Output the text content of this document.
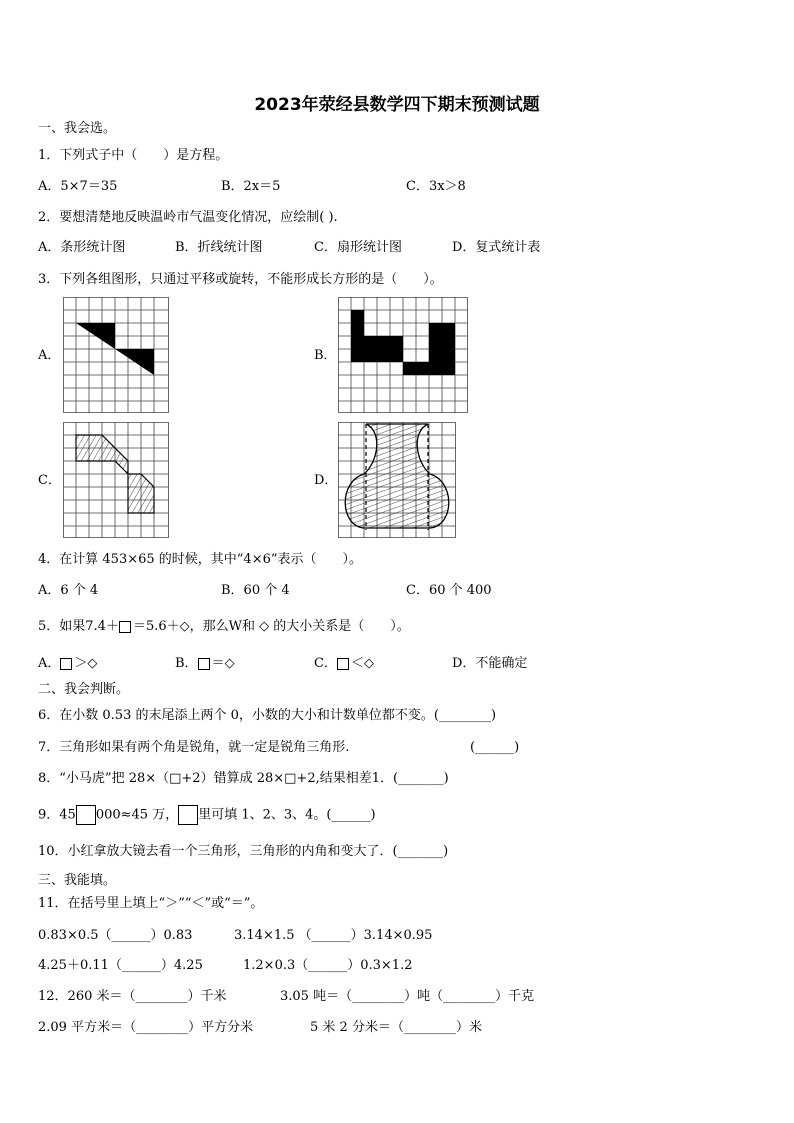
2023年荥经县数学四下期末预测试题
一、我会选。
1．下列式子中（　　）是方程。
A．5×7＝35	B．2x＝5	C．3x＞8
2．要想清楚地反映温岭市气温变化情况，应绘制( ).
A．条形统计图	B．折线统计图	C．扇形统计图	D．复式统计表
3．下列各组图形，只通过平移或旋转，不能形成长方形的是（　　）。
A．	B．
C．	D．
4．在计算 453×65 的时候，其中“4×6”表示（　　）。
A．6 个 4	B．60 个 4	C．60 个 400
5．如果7.4＋ ＝5.6＋◇，那么W和 ◇ 的大小关系是（　　）。
A． ＞◇	B． ＝◇	C． ＜◇	D．不能确定
二、我会判断。
6．在小数 0.53 的末尾添上两个 0，小数的大小和计数单位都不变。(________)
7．三角形如果有两个角是锐角，就一定是锐角三角形.	(______)
8．“小马虎”把 28×（□+2）错算成 28×□+2,结果相差1．(_______)
9．45 000≈45 万， 里可填 1、2、3、4。(______)
10．小红拿放大镜去看一个三角形，三角形的内角和变大了．(_______)
三、我能填。
11．在括号里上填上“＞”“＜”或“＝”。
0.83×0.5（______）0.83	3.14×1.5 （______）3.14×0.95
4.25＋0.11（______）4.25	1.2×0.3（______）0.3×1.2
12．260 米＝（________）千米	3.05 吨＝（________）吨（________）千克
2.09 平方米＝（________）平方分米	5 米 2 分米＝（________）米
